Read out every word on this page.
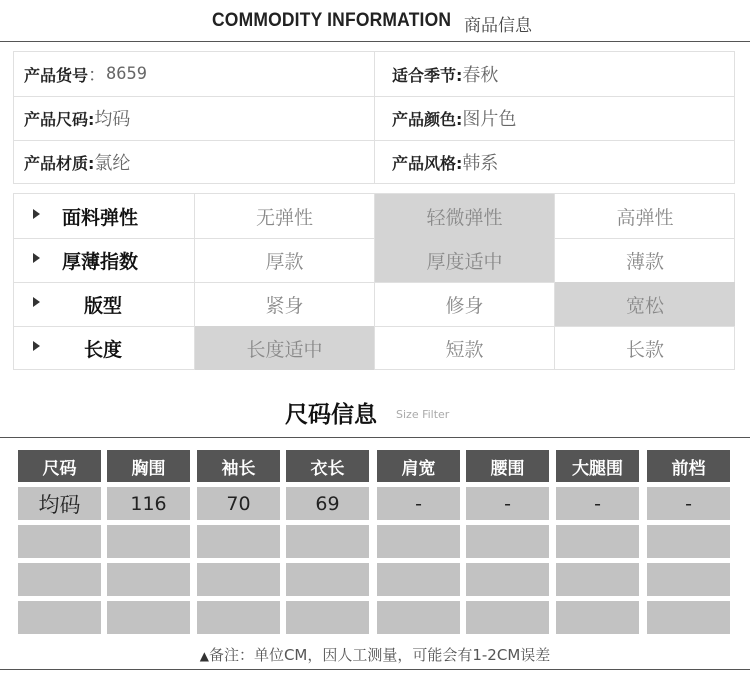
COMMODITY INFORMATION 商品信息
产品货号 ： 8659	适合季节: 春秋
产品尺码: 均码	产品颜色: 图片色
产品材质: 氯纶	产品风格: 韩系
面料弹性	无弹性	轻微弹性	高弹性
厚薄指数	厚款	厚度适中	薄款
版型	紧身	修身	宽松
长度	长度适中	短款	长款
尺码信息 Size Filter
尺码	胸围	袖长	衣长	肩宽	腰围	大腿围	前档
均码	116	70	69	-	-	-	-
▲备注：单位CM，因人工测量，可能会有1-2CM误差
